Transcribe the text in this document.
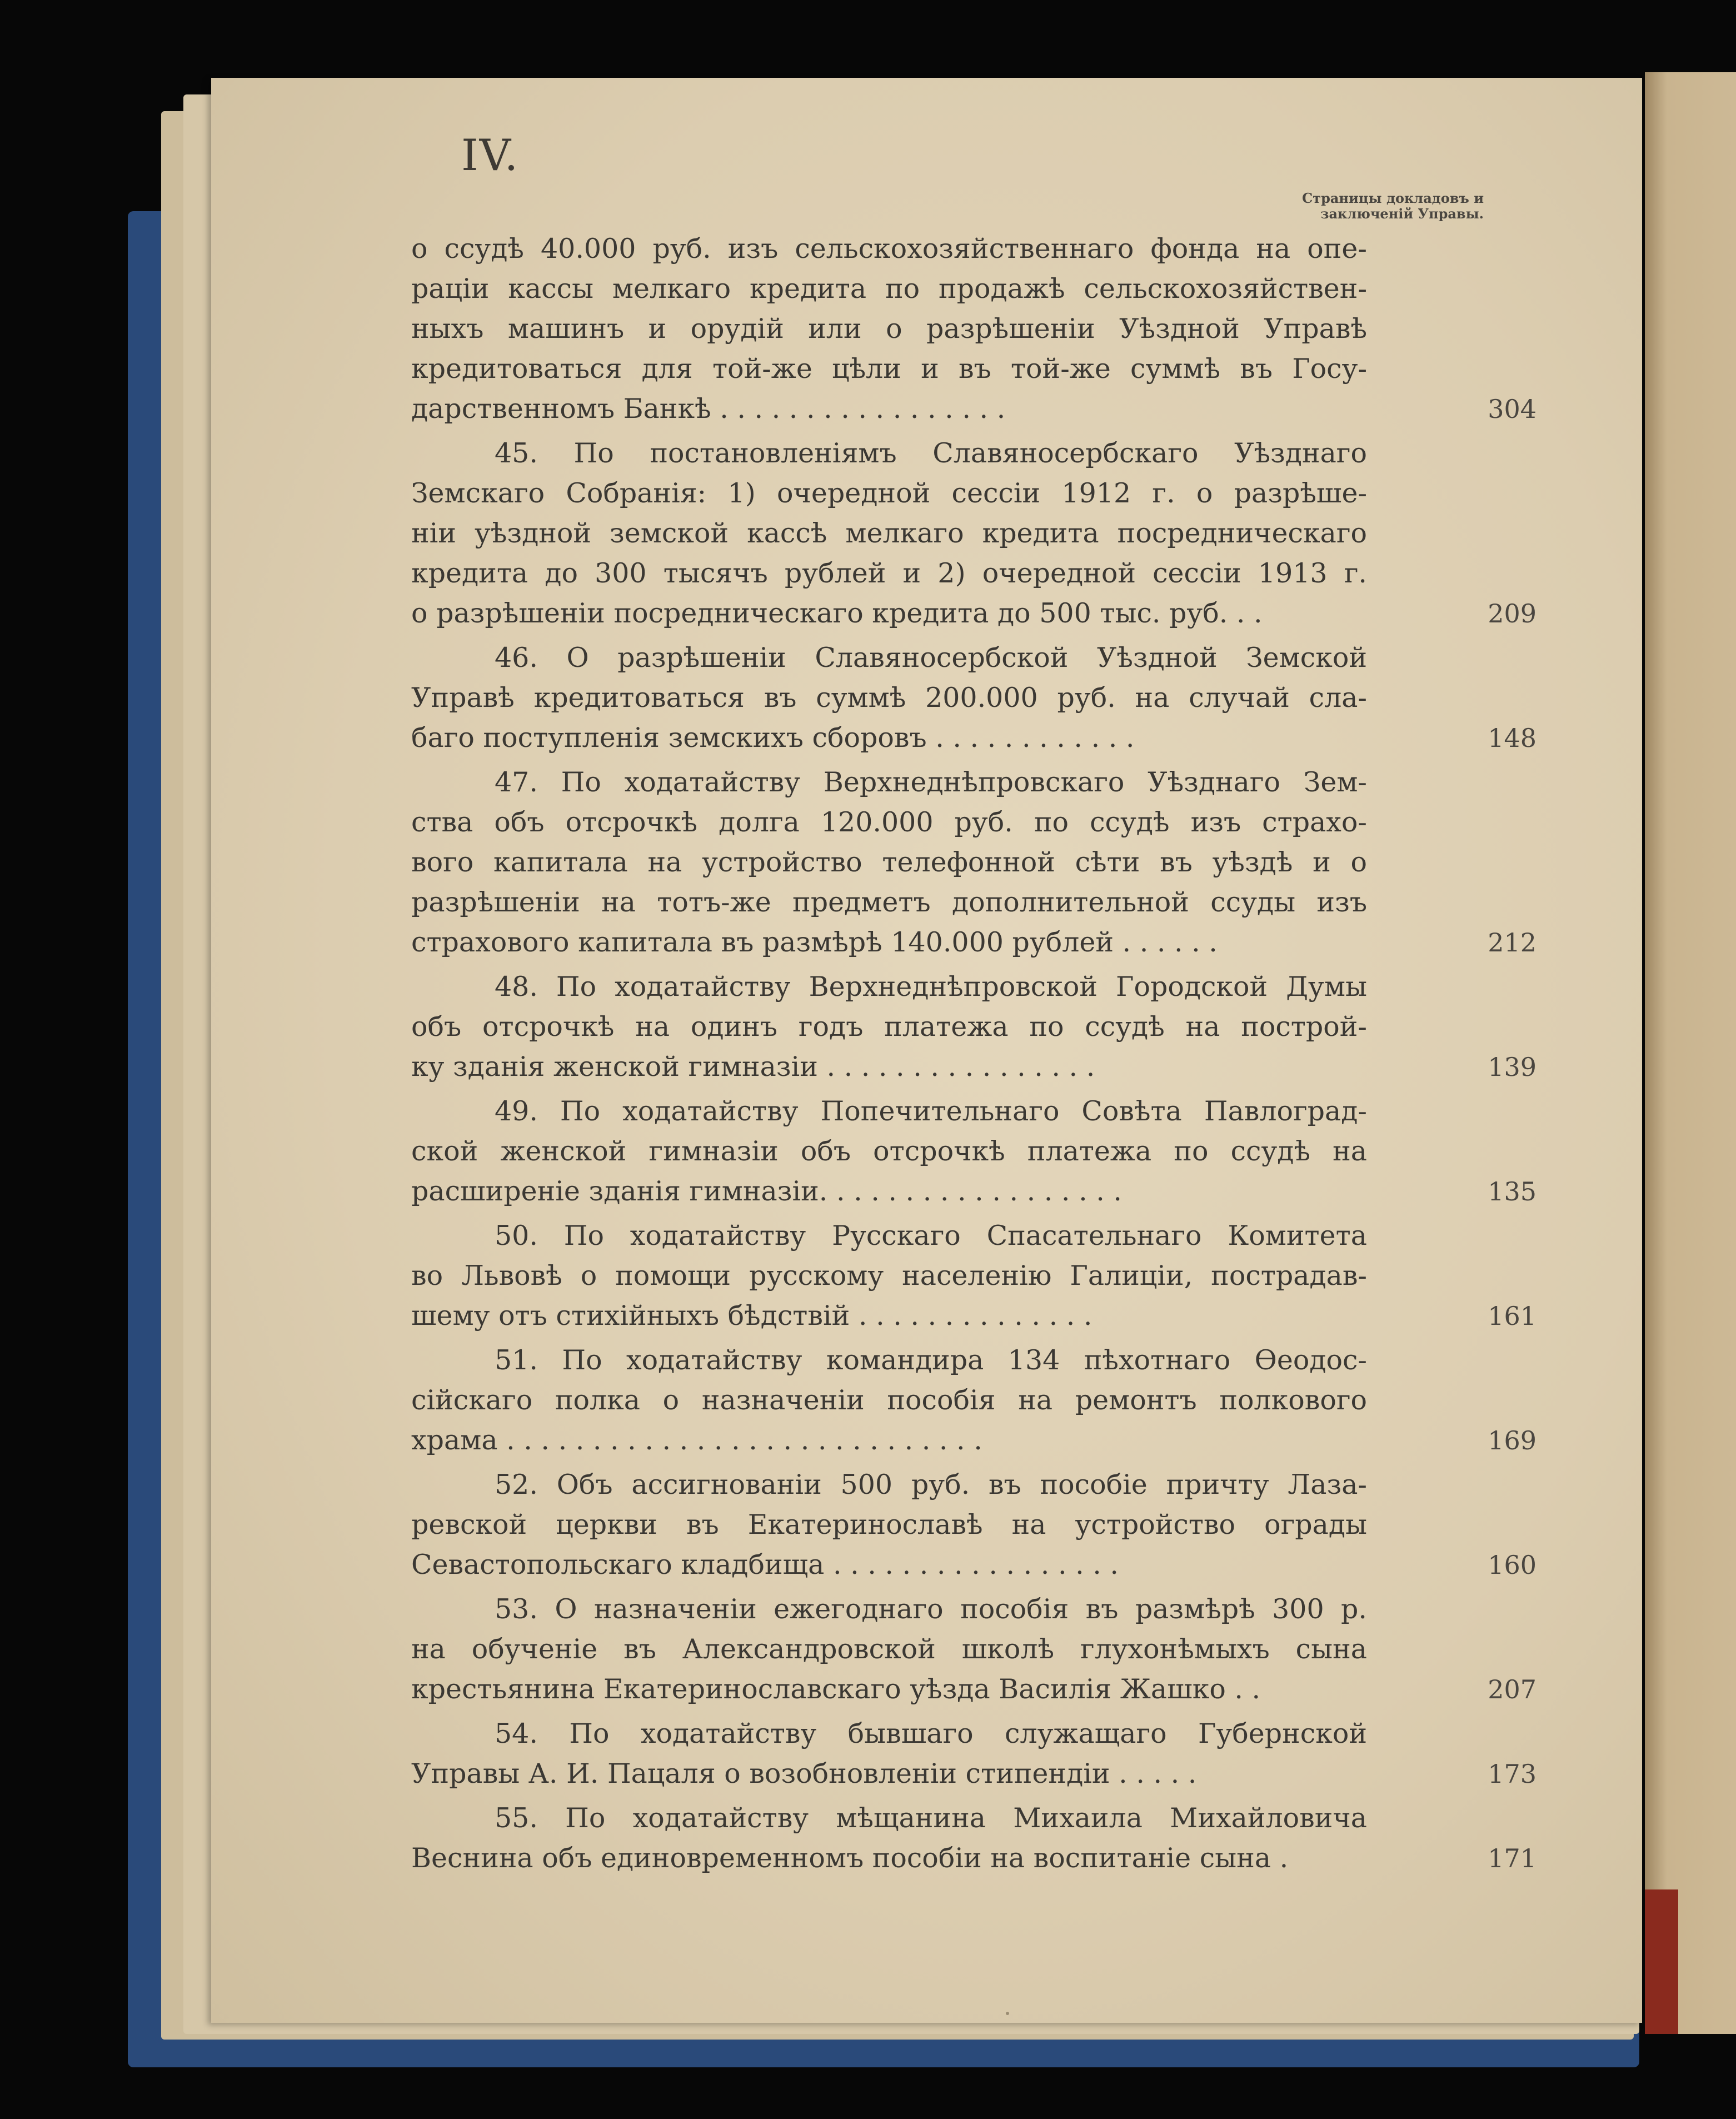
IV.
Страницы докладовъ и
заключенiй Управы.
о ссудѣ 40.000 руб. изъ сельскохозяйственнаго фонда на опе-
раціи кассы мелкаго кредита по продажѣ сельскохозяйствен-
ныхъ машинъ и орудій или о разрѣшеніи Уѣздной Управѣ
кредитоваться для той-же цѣли и въ той-же суммѣ въ Госу-
дарственномъ Банкѣ . . . . . . . . . . . . . . . . .	304
45. По постановленіямъ Славяносербскаго Уѣзднаго
Земскаго Собранія: 1) очередной сессіи 1912 г. о разрѣше-
ніи уѣздной земской кассѣ мелкаго кредита посредническаго
кредита до 300 тысячъ рублей и 2) очередной сессіи 1913 г.
о разрѣшеніи посредническаго кредита до 500 тыс. руб. . .	209
46. О разрѣшеніи Славяносербской Уѣздной Земской
Управѣ кредитоваться въ суммѣ 200.000 руб. на случай сла-
баго поступленія земскихъ сборовъ . . . . . . . . . . . .	148
47. По ходатайству Верхнеднѣпровскаго Уѣзднаго Зем-
ства объ отсрочкѣ долга 120.000 руб. по ссудѣ изъ страхо-
вого капитала на устройство телефонной сѣти въ уѣздѣ и о
разрѣшеніи на тотъ-же предметъ дополнительной ссуды изъ
страхового капитала въ размѣрѣ 140.000 рублей . . . . . .	212
48. По ходатайству Верхнеднѣпровской Городской Думы
объ отсрочкѣ на одинъ годъ платежа по ссудѣ на построй-
ку зданія женской гимназіи . . . . . . . . . . . . . . . .	139
49. По ходатайству Попечительнаго Совѣта Павлоград-
ской женской гимназіи объ отсрочкѣ платежа по ссудѣ на
расширеніе зданія гимназіи. . . . . . . . . . . . . . . . . .	135
50. По ходатайству Русскаго Спасательнаго Комитета
во Львовѣ о помощи русскому населенію Галиціи, пострадав-
шему отъ стихійныхъ бѣдствій . . . . . . . . . . . . . .	161
51. По ходатайству командира 134 пѣхотнаго Ѳеодос-
сійскаго полка о назначеніи пособія на ремонтъ полкового
храма . . . . . . . . . . . . . . . . . . . . . . . . . . . .	169
52. Объ ассигнованіи 500 руб. въ пособіе причту Лаза-
ревской церкви въ Екатеринославѣ на устройство ограды
Севастопольскаго кладбища . . . . . . . . . . . . . . . . .	160
53. О назначеніи ежегоднаго пособія въ размѣрѣ 300 р.
на обученіе въ Александровской школѣ глухонѣмыхъ сына
крестьянина Екатеринославскаго уѣзда Василія Жашко . .	207
54. По ходатайству бывшаго служащаго Губернской
Управы А. И. Пацаля о возобновленіи стипендіи . . . . .	173
55. По ходатайству мѣщанина Михаила Михайловича
Веснина объ единовременномъ пособіи на воспитаніе сына .	171
